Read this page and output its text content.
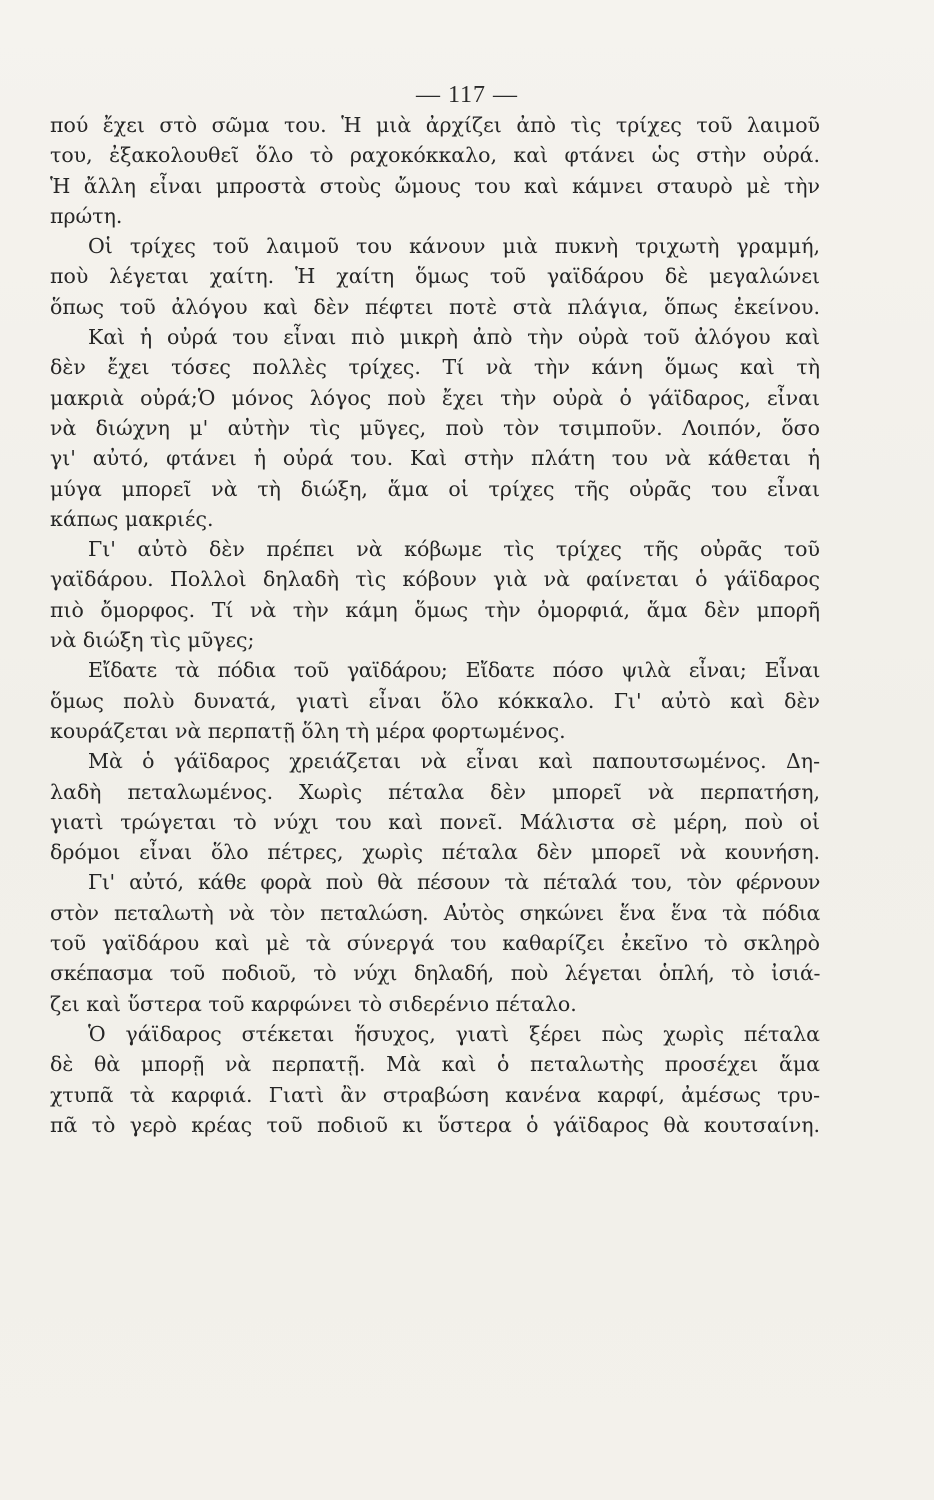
— 117 —
πού ἔχει στὸ σῶμα του. Ἡ μιὰ ἀρχίζει ἀπὸ τὶς τρίχες τοῦ λαιμοῦ
του, ἐξακολουθεῖ ὅλο τὸ ραχοκόκκαλο, καὶ φτάνει ὡς στὴν οὐρά.
Ἡ ἄλλη εἶναι μπροστὰ στοὺς ὤμους του καὶ κάμνει σταυρὸ μὲ τὴν
πρώτη.
Οἱ τρίχες τοῦ λαιμοῦ του κάνουν μιὰ πυκνὴ τριχωτὴ γραμμή,
ποὺ λέγεται χαίτη. Ἡ χαίτη ὅμως τοῦ γαϊδάρου δὲ μεγαλώνει
ὅπως τοῦ ἀλόγου καὶ δὲν πέφτει ποτὲ στὰ πλάγια, ὅπως ἐκείνου.
Καὶ ἡ οὐρά του εἶναι πιὸ μικρὴ ἀπὸ τὴν οὐρὰ τοῦ ἀλόγου καὶ
δὲν ἔχει τόσες πολλὲς τρίχες. Τί νὰ τὴν κάνη ὅμως καὶ τὴ
μακριὰ οὐρά;Ὁ μόνος λόγος ποὺ ἔχει τὴν οὐρὰ ὁ γάϊδαρος, εἶναι
νὰ διώχνη μ' αὐτὴν τὶς μῦγες, ποὺ τὸν τσιμποῦν. Λοιπόν, ὅσο
γι' αὐτό, φτάνει ἡ οὐρά του. Καὶ στὴν πλάτη του νὰ κάθεται ἡ
μύγα μπορεῖ νὰ τὴ διώξη, ἅμα οἱ τρίχες τῆς οὐρᾶς του εἶναι
κάπως μακριές.
Γι' αὐτὸ δὲν πρέπει νὰ κόβωμε τὶς τρίχες τῆς οὐρᾶς τοῦ
γαϊδάρου. Πολλοὶ δηλαδὴ τὶς κόβουν γιὰ νὰ φαίνεται ὁ γάϊδαρος
πιὸ ὄμορφος. Τί νὰ τὴν κάμη ὅμως τὴν ὀμορφιά, ἅμα δὲν μπορῆ
νὰ διώξη τὶς μῦγες;
Εἴδατε τὰ πόδια τοῦ γαϊδάρου; Εἴδατε πόσο ψιλὰ εἶναι; Εἶναι
ὅμως πολὺ δυνατά, γιατὶ εἶναι ὅλο κόκκαλο. Γι' αὐτὸ καὶ δὲν
κουράζεται νὰ περπατῇ ὅλη τὴ μέρα φορτωμένος.
Μὰ ὁ γάϊδαρος χρειάζεται νὰ εἶναι καὶ παπουτσωμένος. Δη-
λαδὴ πεταλωμένος. Χωρὶς πέταλα δὲν μπορεῖ νὰ περπατήση,
γιατὶ τρώγεται τὸ νύχι του καὶ πονεῖ. Μάλιστα σὲ μέρη, ποὺ οἱ
δρόμοι εἶναι ὅλο πέτρες, χωρὶς πέταλα δὲν μπορεῖ νὰ κουνήση.
Γι' αὐτό, κάθε φορὰ ποὺ θὰ πέσουν τὰ πέταλά του, τὸν φέρνουν
στὸν πεταλωτὴ νὰ τὸν πεταλώση. Αὐτὸς σηκώνει ἕνα ἕνα τὰ πόδια
τοῦ γαϊδάρου καὶ μὲ τὰ σύνεργά του καθαρίζει ἐκεῖνο τὸ σκληρὸ
σκέπασμα τοῦ ποδιοῦ, τὸ νύχι δηλαδή, ποὺ λέγεται ὁπλή, τὸ ἰσιά-
ζει καὶ ὕστερα τοῦ καρφώνει τὸ σιδερένιο πέταλο.
Ὁ γάϊδαρος στέκεται ἥσυχος, γιατὶ ξέρει πὼς χωρὶς πέταλα
δὲ θὰ μπορῇ νὰ περπατῇ. Μὰ καὶ ὁ πεταλωτὴς προσέχει ἅμα
χτυπᾶ τὰ καρφιά. Γιατὶ ἂν στραβώση κανένα καρφί, ἀμέσως τρυ-
πᾶ τὸ γερὸ κρέας τοῦ ποδιοῦ κι ὕστερα ὁ γάϊδαρος θὰ κουτσαίνη.
